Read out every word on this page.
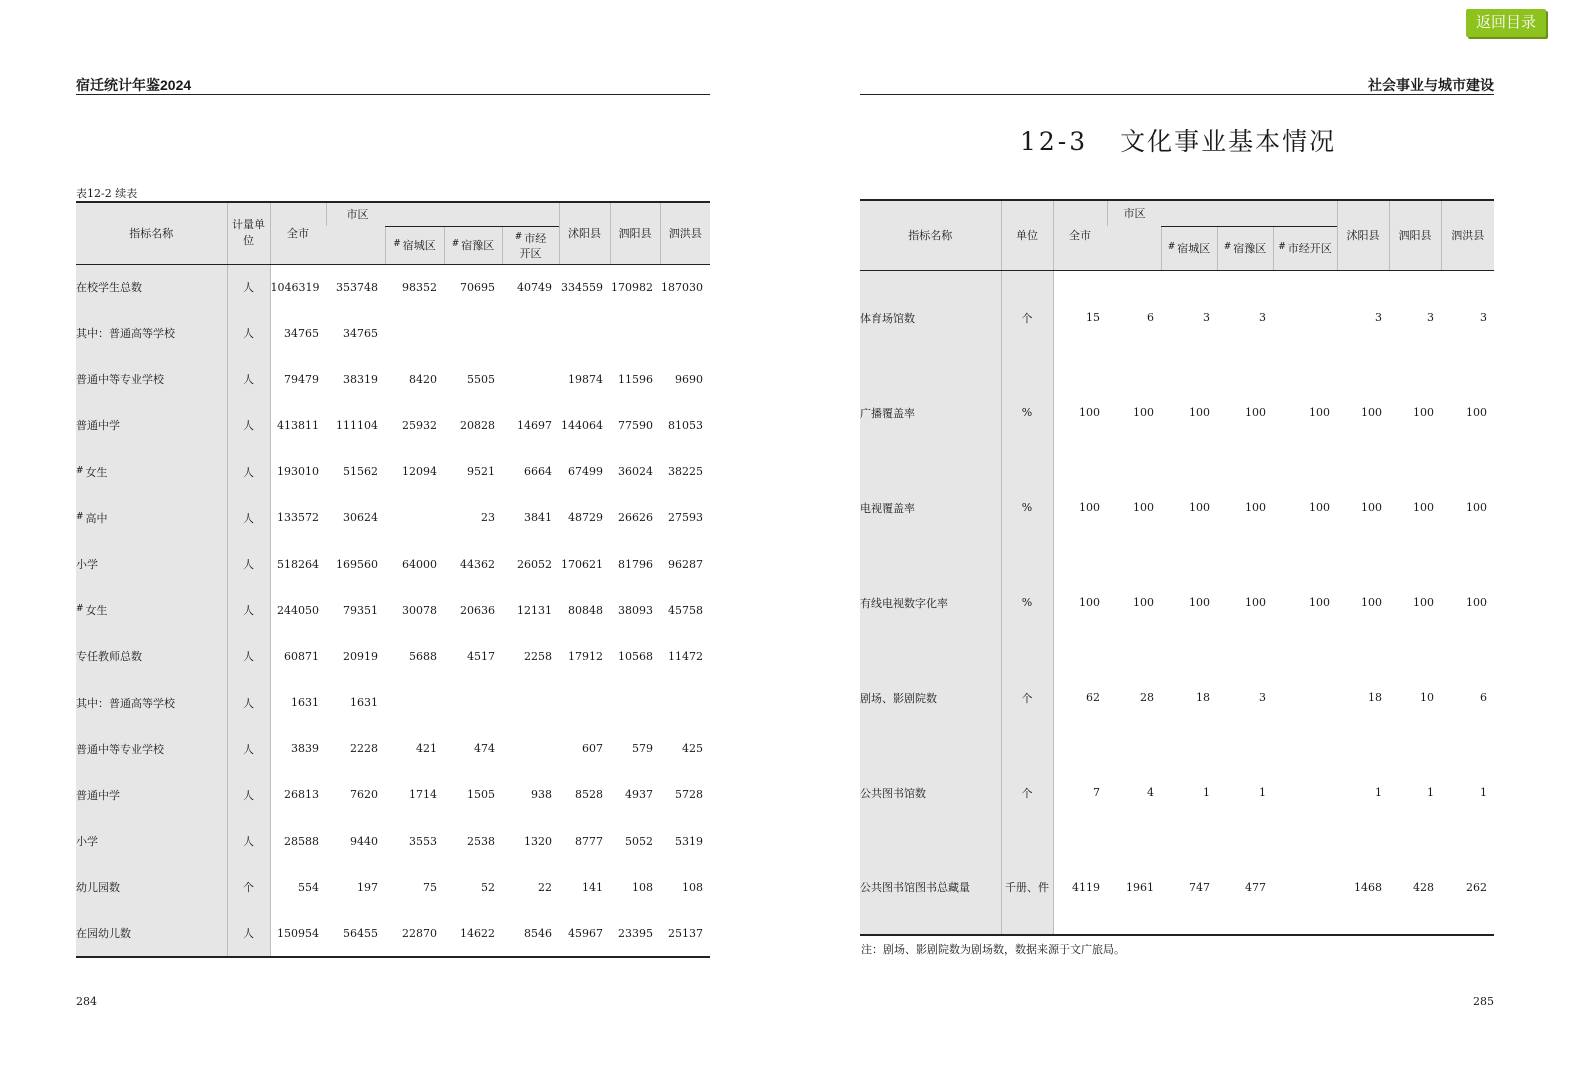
返回目录
宿迁统计年鉴2024
表12-2 续表
指标名称	计量单位	全市	市区				沭阳县	泗阳县	泗洪县
				# 宿城区	# 宿豫区	# 市经
开区			
在校学生总数	人	1046319	353748	98352	70695	40749	334559	170982	187030
其中：普通高等学校	人	34765	34765						
普通中等专业学校	人	79479	38319	8420	5505		19874	11596	9690
普通中学	人	413811	111104	25932	20828	14697	144064	77590	81053
# 女生	人	193010	51562	12094	9521	6664	67499	36024	38225
# 高中	人	133572	30624		23	3841	48729	26626	27593
小学	人	518264	169560	64000	44362	26052	170621	81796	96287
# 女生	人	244050	79351	30078	20636	12131	80848	38093	45758
专任教师总数	人	60871	20919	5688	4517	2258	17912	10568	11472
其中：普通高等学校	人	1631	1631						
普通中等专业学校	人	3839	2228	421	474		607	579	425
普通中学	人	26813	7620	1714	1505	938	8528	4937	5728
小学	人	28588	9440	3553	2538	1320	8777	5052	5319
幼儿园数	个	554	197	75	52	22	141	108	108
在园幼儿数	人	150954	56455	22870	14622	8546	45967	23395	25137
284
社会事业与城市建设
12-3 文化事业基本情况
指标名称	单位	全市	市区				沭阳县	泗阳县	泗洪县
				# 宿城区	# 宿豫区	# 市经开区			
体育场馆数	个	15	6	3	3		3	3	3
广播覆盖率	%	100	100	100	100	100	100	100	100
电视覆盖率	%	100	100	100	100	100	100	100	100
有线电视数字化率	%	100	100	100	100	100	100	100	100
剧场、影剧院数	个	62	28	18	3		18	10	6
公共图书馆数	个	7	4	1	1		1	1	1
公共图书馆图书总藏量	千册、件	4119	1961	747	477		1468	428	262
注：剧场、影剧院数为剧场数，数据来源于文广旅局。
285
